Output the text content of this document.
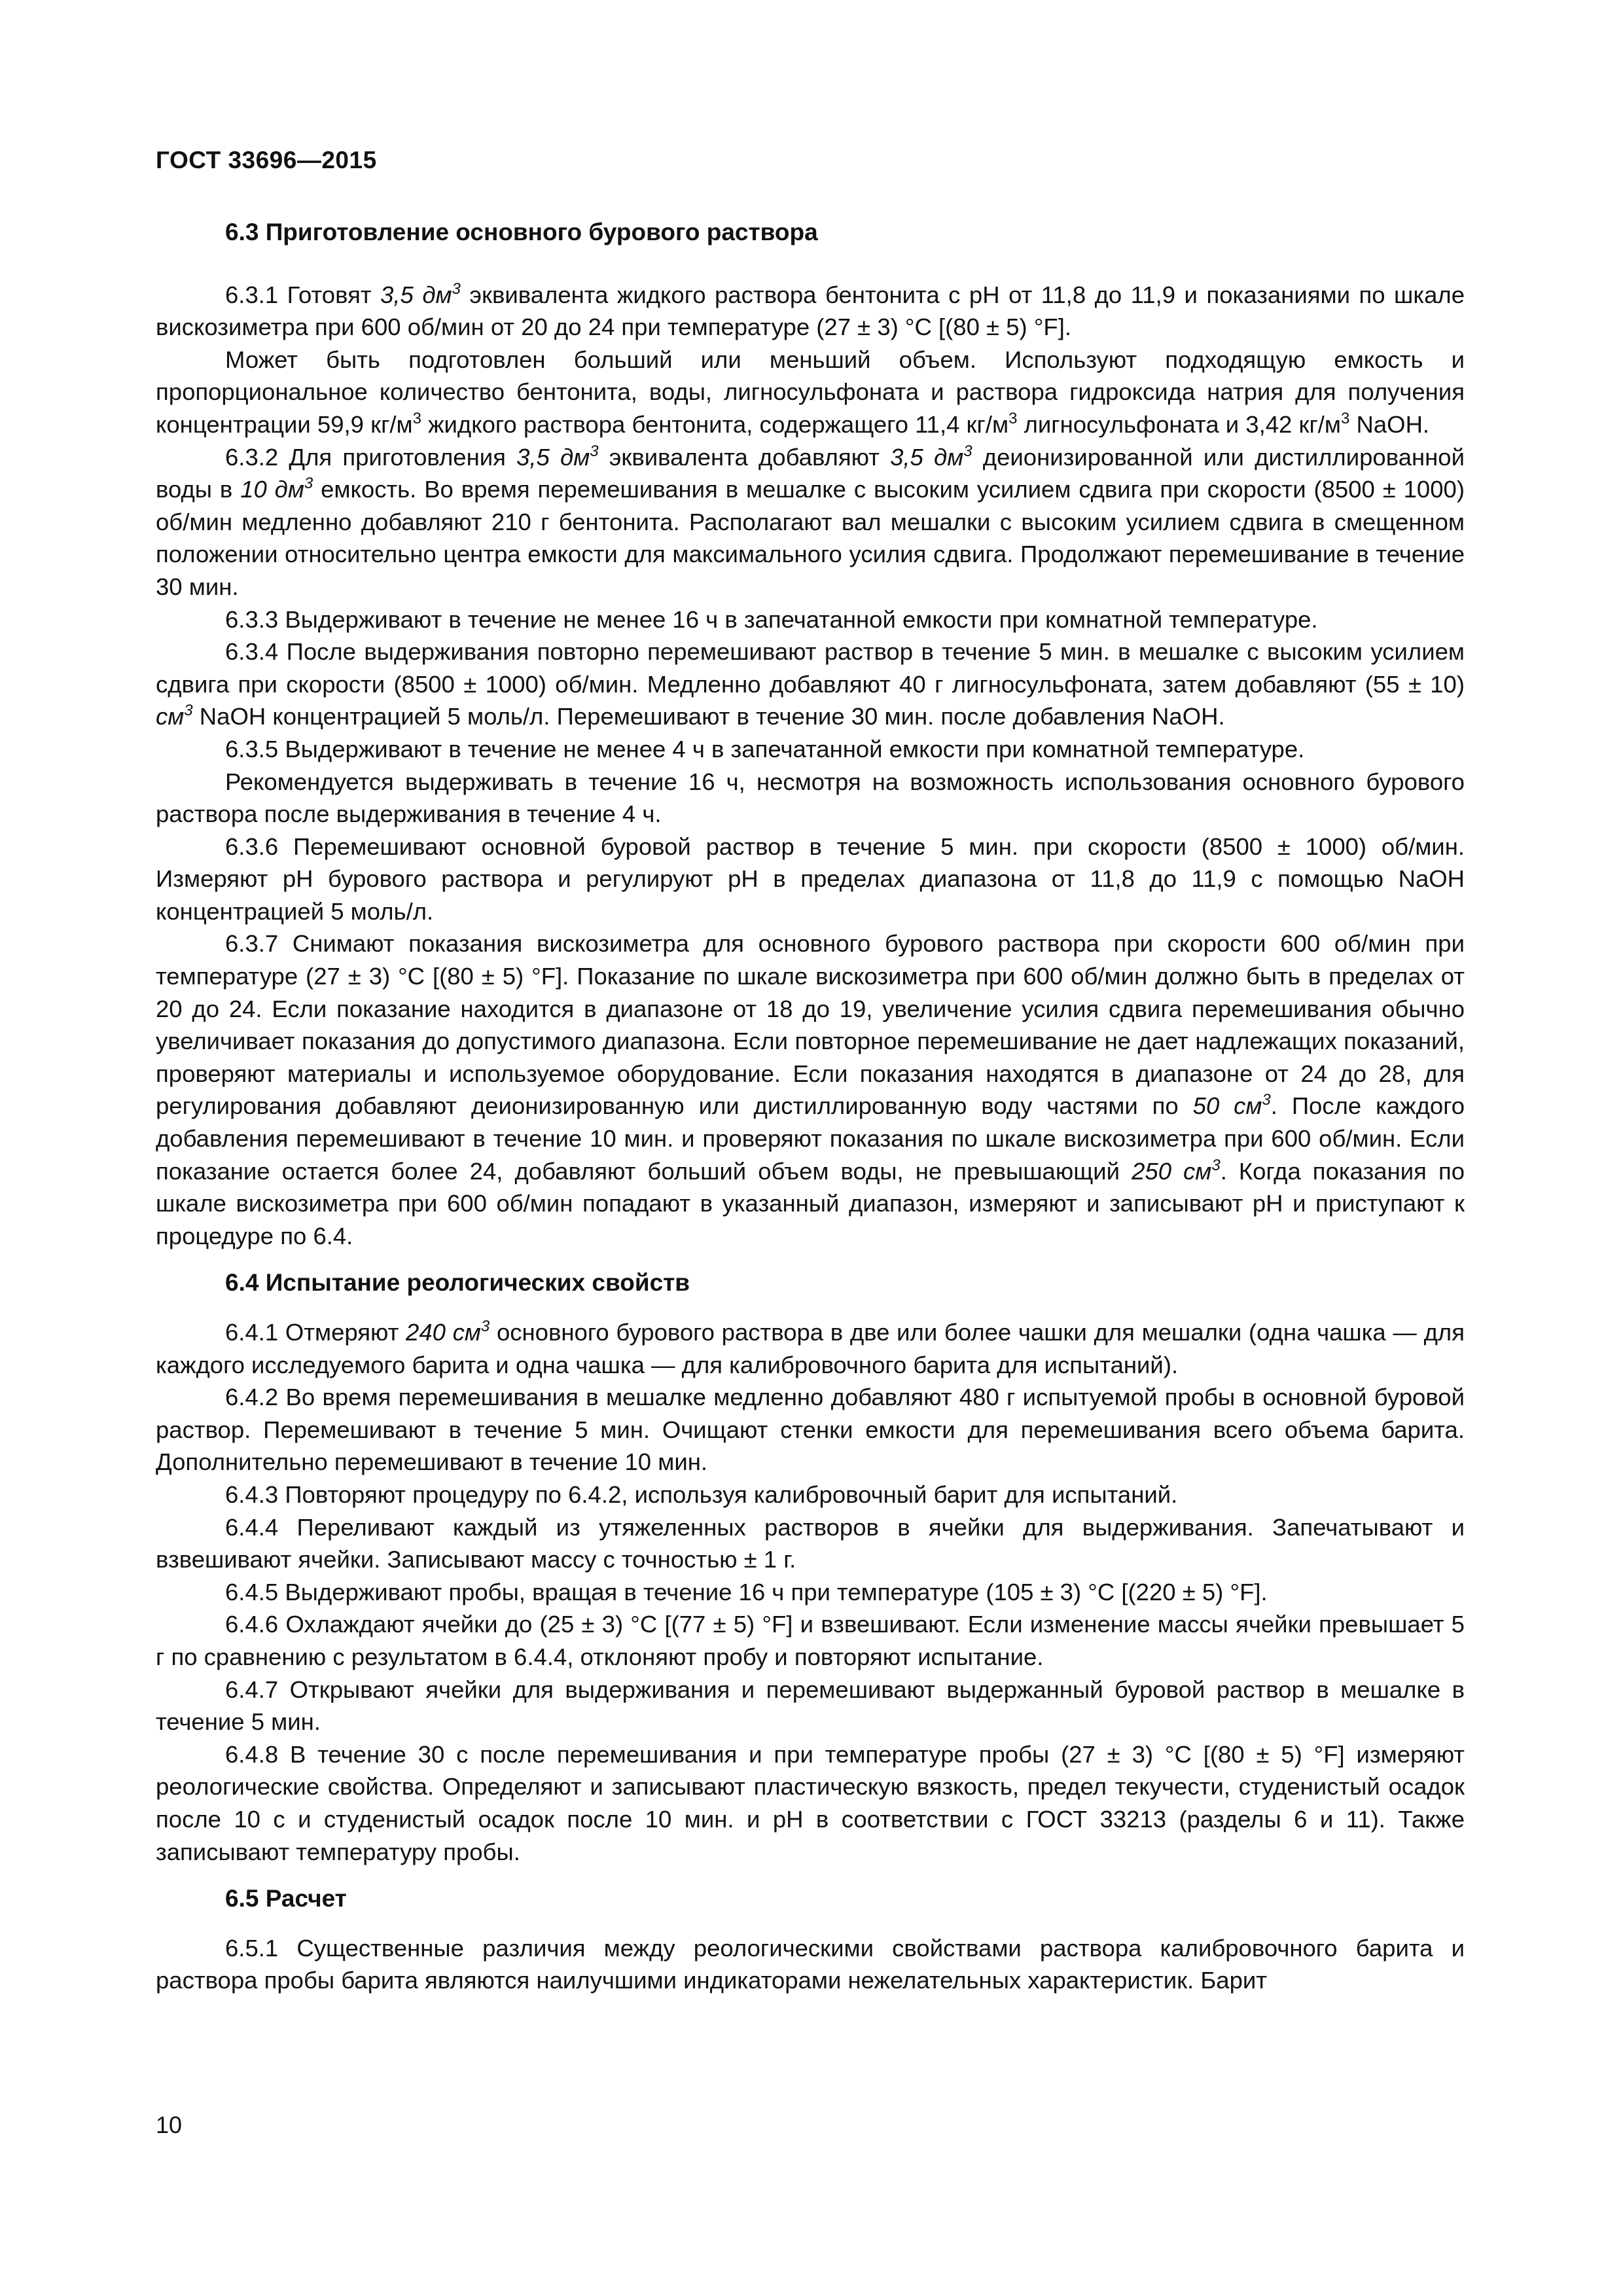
ГОСТ 33696—2015
6.3 Приготовление основного бурового раствора

6.3.1 Готовят 3,5 $дм^3$ эквивалента жидкого раствора бентонита с pH от 11,8 до 11,9 и показаниями по шкале вискозиметра при 600 об/мин от 20 до 24 при температуре (27 ± 3) °С [(80 ± 5) °F].

Может быть подготовлен больший или меньший объем. Используют подходящую емкость и пропорциональное количество бентонита, воды, лигносульфоната и раствора гидроксида натрия для получения концентрации 59,9 $кг/м^3$ жидкого раствора бентонита, содержащего 11,4 $кг/м^3$ лигносульфоната и 3,42 $кг/м^3$ NaOH.

6.3.2 Для приготовления 3,5 $дм^3$ эквивалента добавляют 3,5 $дм^3$ деионизированной или дистиллированной воды в 10 $дм^3$ емкость. Во время перемешивания в мешалке с высоким усилием сдвига при скорости (8500 ± 1000) об/мин медленно добавляют 210 г бентонита. Располагают вал мешалки с высоким усилием сдвига в смещенном положении относительно центра емкости для максимального усилия сдвига. Продолжают перемешивание в течение 30 мин.

6.3.3 Выдерживают в течение не менее 16 ч в запечатанной емкости при комнатной температуре.

6.3.4 После выдерживания повторно перемешивают раствор в течение 5 мин. в мешалке с высоким усилием сдвига при скорости (8500 ± 1000) об/мин. Медленно добавляют 40 г лигносульфоната, затем добавляют (55 ± 10) $см^3$ NaOH концентрацией 5 моль/л. Перемешивают в течение 30 мин. после добавления NaOH.

6.3.5 Выдерживают в течение не менее 4 ч в запечатанной емкости при комнатной температуре.

Рекомендуется выдерживать в течение 16 ч, несмотря на возможность использования основного бурового раствора после выдерживания в течение 4 ч.

6.3.6 Перемешивают основной буровой раствор в течение 5 мин. при скорости (8500 ± 1000) об/мин. Измеряют pH бурового раствора и регулируют pH в пределах диапазона от 11,8 до 11,9 с помощью NaOH концентрацией 5 моль/л.

6.3.7 Снимают показания вискозиметра для основного бурового раствора при скорости 600 об/мин при температуре (27 ± 3) °С [(80 ± 5) °F]. Показание по шкале вискозиметра при 600 об/мин должно быть в пределах от 20 до 24. Если показание находится в диапазоне от 18 до 19, увеличение усилия сдвига перемешивания обычно увеличивает показания до допустимого диапазона. Если повторное перемешивание не дает надлежащих показаний, проверяют материалы и используемое оборудование. Если показания находятся в диапазоне от 24 до 28, для регулирования добавляют деионизированную или дистиллированную воду частями по 50 $см^3$. После каждого добавления перемешивают в течение 10 мин. и проверяют показания по шкале вискозиметра при 600 об/мин. Если показание остается более 24, добавляют больший объем воды, не превышающий 250 $см^3$. Когда показания по шкале вискозиметра при 600 об/мин попадают в указанный диапазон, измеряют и записывают pH и приступают к процедуре по 6.4.

6.4 Испытание реологических свойств

6.4.1 Отмеряют 240 $см^3$ основного бурового раствора в две или более чашки для мешалки (одна чашка — для каждого исследуемого барита и одна чашка — для калибровочного барита для испытаний).

6.4.2 Во время перемешивания в мешалке медленно добавляют 480 г испытуемой пробы в основной буровой раствор. Перемешивают в течение 5 мин. Очищают стенки емкости для перемешивания всего объема барита. Дополнительно перемешивают в течение 10 мин.

6.4.3 Повторяют процедуру по 6.4.2, используя калибровочный барит для испытаний.

6.4.4 Переливают каждый из утяжеленных растворов в ячейки для выдерживания. Запечатывают и взвешивают ячейки. Записывают массу с точностью ± 1 г.

6.4.5 Выдерживают пробы, вращая в течение 16 ч при температуре (105 ± 3) °С [(220 ± 5) °F].

6.4.6 Охлаждают ячейки до (25 ± 3) °С [(77 ± 5) °F] и взвешивают. Если изменение массы ячейки превышает 5 г по сравнению с результатом в 6.4.4, отклоняют пробу и повторяют испытание.

6.4.7 Открывают ячейки для выдерживания и перемешивают выдержанный буровой раствор в мешалке в течение 5 мин.

6.4.8 В течение 30 с после перемешивания и при температуре пробы (27 ± 3) °С [(80 ± 5) °F] измеряют реологические свойства. Определяют и записывают пластическую вязкость, предел текучести, студенистый осадок после 10 с и студенистый осадок после 10 мин. и pH в соответствии с ГОСТ 33213 (разделы 6 и 11). Также записывают температуру пробы.

6.5 Расчет

6.5.1 Существенные различия между реологическими свойствами раствора калибровочного барита и раствора пробы барита являются наилучшими индикаторами нежелательных характеристик. Барит

10
